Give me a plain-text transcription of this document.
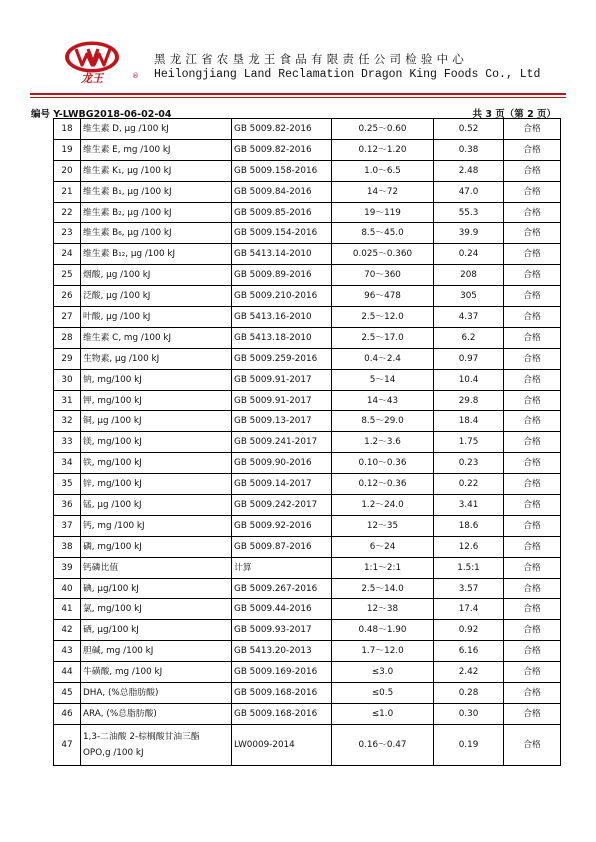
龙王	®
黑龙江省农垦龙王食品有限责任公司检验中心
Heilongjiang Land Reclamation Dragon King Foods Co., Ltd
编号 Y-LWBG2018-06-02-04	共 3 页（第 2 页）
18	维生素 D, μg /100 kJ	GB 5009.82-2016	0.25～0.60	0.52	合格
19	维生素 E, mg /100 kJ	GB 5009.82-2016	0.12～1.20	0.38	合格
20	维生素 K₁, μg /100 kJ	GB 5009.158-2016	1.0～6.5	2.48	合格
21	维生素 B₁, μg /100 kJ	GB 5009.84-2016	14～72	47.0	合格
22	维生素 B₂, μg /100 kJ	GB 5009.85-2016	19～119	55.3	合格
23	维生素 B₆, μg /100 kJ	GB 5009.154-2016	8.5～45.0	39.9	合格
24	维生素 B₁₂, μg /100 kJ	GB 5413.14-2010	0.025～0.360	0.24	合格
25	烟酸, μg /100 kJ	GB 5009.89-2016	70～360	208	合格
26	泛酸, μg /100 kJ	GB 5009.210-2016	96～478	305	合格
27	叶酸, μg /100 kJ	GB 5413.16-2010	2.5～12.0	4.37	合格
28	维生素 C, mg /100 kJ	GB 5413.18-2010	2.5～17.0	6.2	合格
29	生物素, μg /100 kJ	GB 5009.259-2016	0.4～2.4	0.97	合格
30	钠, mg/100 kJ	GB 5009.91-2017	5～14	10.4	合格
31	钾, mg/100 kJ	GB 5009.91-2017	14～43	29.8	合格
32	铜, μg /100 kJ	GB 5009.13-2017	8.5～29.0	18.4	合格
33	镁, mg/100 kJ	GB 5009.241-2017	1.2～3.6	1.75	合格
34	铁, mg/100 kJ	GB 5009.90-2016	0.10～0.36	0.23	合格
35	锌, mg/100 kJ	GB 5009.14-2017	0.12～0.36	0.22	合格
36	锰, μg /100 kJ	GB 5009.242-2017	1.2～24.0	3.41	合格
37	钙, mg /100 kJ	GB 5009.92-2016	12～35	18.6	合格
38	磷, mg/100 kJ	GB 5009.87-2016	6～24	12.6	合格
39	钙磷比值	计算	1:1～2:1	1.5:1	合格
40	碘, μg/100 kJ	GB 5009.267-2016	2.5～14.0	3.57	合格
41	氯, mg/100 kJ	GB 5009.44-2016	12～38	17.4	合格
42	硒, μg/100 kJ	GB 5009.93-2017	0.48～1.90	0.92	合格
43	胆碱, mg /100 kJ	GB 5413.20-2013	1.7～12.0	6.16	合格
44	牛磺酸, mg /100 kJ	GB 5009.169-2016	≤3.0	2.42	合格
45	DHA, (%总脂肪酸)	GB 5009.168-2016	≤0.5	0.28	合格
46	ARA, (%总脂肪酸)	GB 5009.168-2016	≤1.0	0.30	合格
47	1,3-二油酸 2-棕榈酸甘油三酯 OPO,g /100 kJ	LW0009-2014	0.16～0.47	0.19	合格
